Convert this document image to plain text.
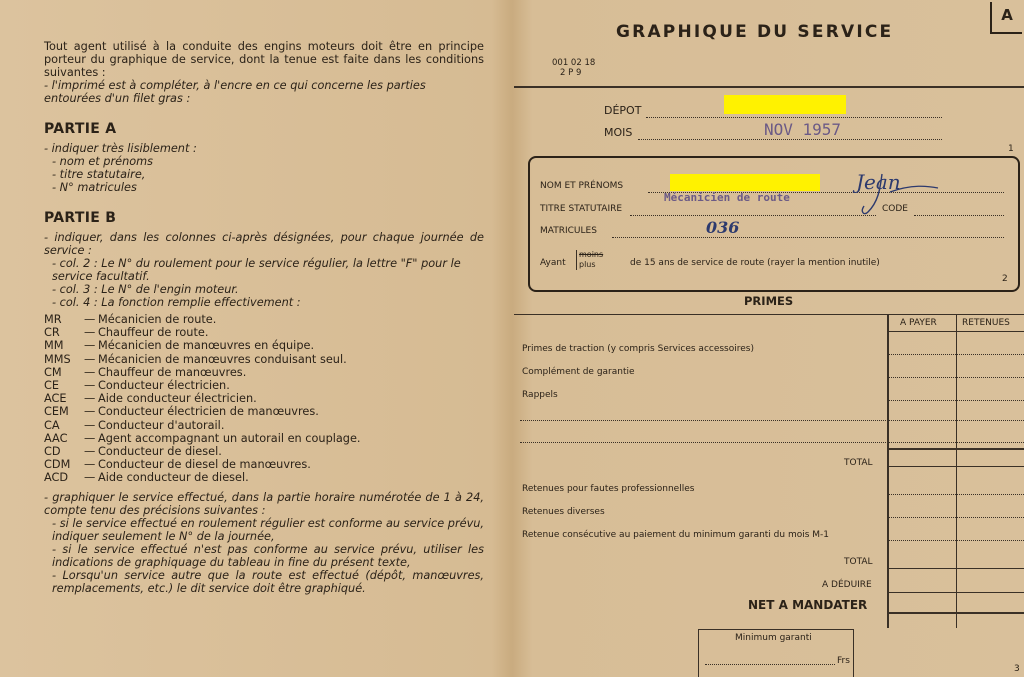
Tout agent utilisé à la conduite des engins moteurs doit être en principe porteur du graphique de service, dont la tenue est faite dans les conditions suivantes :

- l'imprimé est à compléter, à l'encre en ce qui concerne les parties entourées d'un filet gras :

PARTIE A

- indiquer très lisiblement :

- nom et prénoms

- titre statutaire,

- N° matricules

PARTIE B

- indiquer, dans les colonnes ci-après désignées, pour chaque journée de service :

- col. 2 : Le N° du roulement pour le service régulier, la lettre "F" pour le service facultatif.

- col. 3 : Le N° de l'engin moteur.

- col. 4 : La fonction remplie effectivement :

MR	— Mécanicien de route.
CR	— Chauffeur de route.
MM	— Mécanicien de manœuvres en équipe.
MMS	— Mécanicien de manœuvres conduisant seul.
CM	— Chauffeur de manœuvres.
CE	— Conducteur électricien.
ACE	— Aide conducteur électricien.
CEM	— Conducteur électricien de manœuvres.
CA	— Conducteur d'autorail.
AAC	— Agent accompagnant un autorail en couplage.
CD	— Conducteur de diesel.
CDM	— Conducteur de diesel de manœuvres.
ACD	— Aide conducteur de diesel.

- graphiquer le service effectué, dans la partie horaire numérotée de 1 à 24, compte tenu des précisions suivantes :

- si le service effectué en roulement régulier est conforme au service prévu, indiquer seulement le N° de la journée,

- si le service effectué n'est pas conforme au service prévu, utiliser les indications de graphiquage du tableau in fine du présent texte,

- Lorsqu'un service autre que la route est effectué (dépôt, manœuvres, remplacements, etc.) le dit service doit être graphiqué.

GRAPHIQUE DU SERVICE
A
001 02 18
2 P 9
DÉPOT
MOIS	NOV 1957
NOM ET PRÉNOMS	Jean
TITRE STATUTAIRE
Mécanicien de route
CODE
MATRICULES	036
Ayant
moins
plus	de 15 ans de service de route (rayer la mention inutile)
2
1
PRIMES
A PAYER	RETENUES
Primes de traction (y compris Services accessoires)
Complément de garantie
Rappels
TOTAL
Retenues pour fautes professionnelles
Retenues diverses
Retenue consécutive au paiement du minimum garanti du mois M-1
TOTAL
A DÉDUIRE
NET A MANDATER
Minimum garanti
Frs
3
